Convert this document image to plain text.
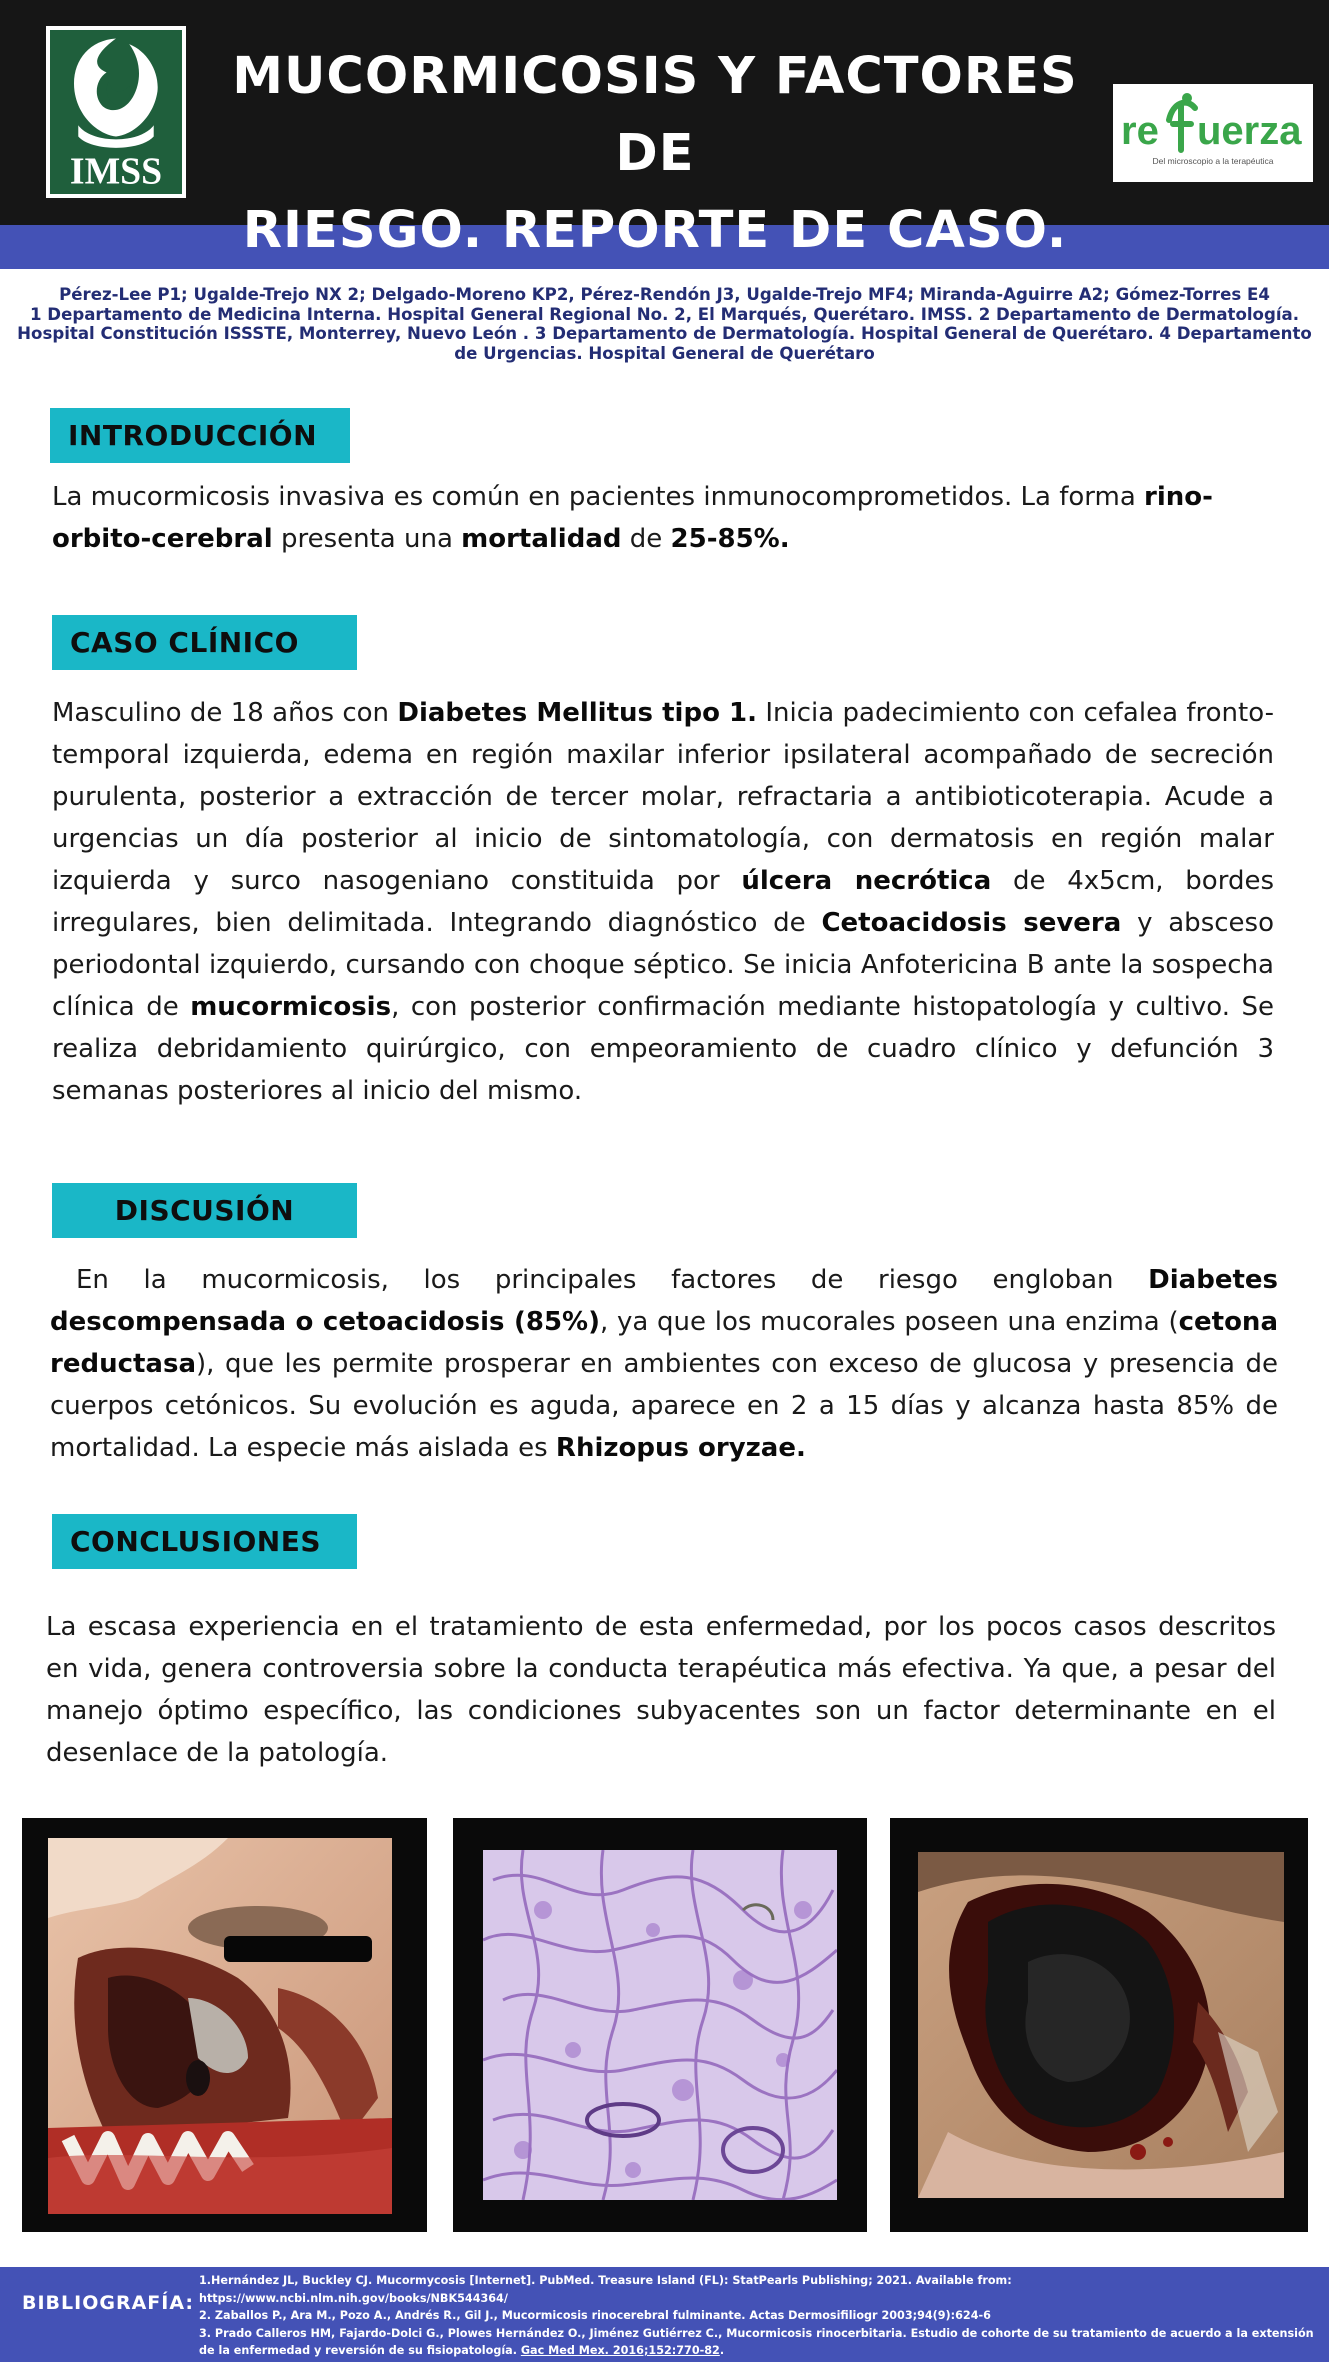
IMSS
MUCORMICOSIS Y FACTORES DE
RIESGO. REPORTE DE CASO.
re uerza
Del microscopio a la terapéutica
Pérez-Lee P1; Ugalde-Trejo NX 2; Delgado-Moreno KP2, Pérez-Rendón J3, Ugalde-Trejo MF4; Miranda-Aguirre A2; Gómez-Torres E4
1 Departamento de Medicina Interna. Hospital General Regional No. 2, El Marqués, Querétaro. IMSS. 2 Departamento de Dermatología. Hospital Constitución ISSSTE, Monterrey, Nuevo León . 3 Departamento de Dermatología. Hospital General de Querétaro. 4 Departamento de Urgencias. Hospital General de Querétaro
INTRODUCCIÓN

La mucormicosis invasiva es común en pacientes inmunocomprometidos. La forma rino-orbito-cerebral presenta una mortalidad de 25-85%.

CASO CLÍNICO

Masculino de 18 años con Diabetes Mellitus tipo 1. Inicia padecimiento con cefalea fronto-temporal izquierda, edema en región maxilar inferior ipsilateral acompañado de secreción purulenta, posterior a extracción de tercer molar, refractaria a antibioticoterapia. Acude a urgencias un día posterior al inicio de sintomatología, con dermatosis en región malar izquierda y surco nasogeniano constituida por úlcera necrótica de 4x5cm, bordes irregulares, bien delimitada. Integrando diagnóstico de Cetoacidosis severa y absceso periodontal izquierdo, cursando con choque séptico. Se inicia Anfotericina B ante la sospecha clínica de mucormicosis, con posterior confirmación mediante histopatología y cultivo. Se realiza debridamiento quirúrgico, con empeoramiento de cuadro clínico y defunción 3 semanas posteriores al inicio del mismo.

DISCUSIÓN

En la mucormicosis, los principales factores de riesgo engloban Diabetes descompensada o cetoacidosis (85%), ya que los mucorales poseen una enzima (cetona reductasa), que les permite prosperar en ambientes con exceso de glucosa y presencia de cuerpos cetónicos. Su evolución es aguda, aparece en 2 a 15 días y alcanza hasta 85% de mortalidad. La especie más aislada es Rhizopus oryzae.

CONCLUSIONES

La escasa experiencia en el tratamiento de esta enfermedad, por los pocos casos descritos en vida, genera controversia sobre la conducta terapéutica más efectiva. Ya que, a pesar del manejo óptimo específico, las condiciones subyacentes son un factor determinante en el desenlace de la patología.

BIBLIOGRAFÍA:
1.Hernández JL, Buckley CJ. Mucormycosis [Internet]. PubMed. Treasure Island (FL): StatPearls Publishing; 2021. Available from: https://www.ncbi.nlm.nih.gov/books/NBK544364/
2. Zaballos P., Ara M., Pozo A., Andrés R., Gil J., Mucormicosis rinocerebral fulminante. Actas Dermosifiliogr 2003;94(9):624-6
3. Prado Calleros HM, Fajardo-Dolci G., Plowes Hernández O., Jiménez Gutiérrez C., Mucormicosis rinocerbitaria. Estudio de cohorte de su tratamiento de acuerdo a la extensión de la enfermedad y reversión de su fisiopatología. Gac Med Mex. 2016;152:770-82.
